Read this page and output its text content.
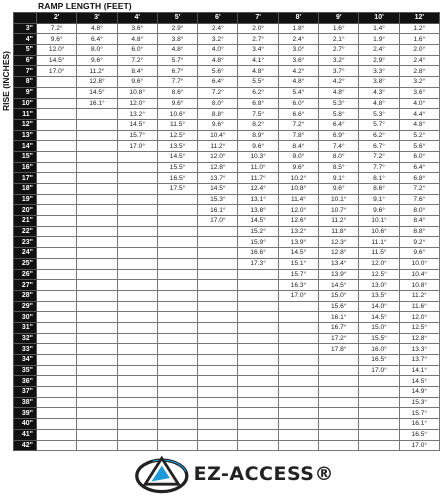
RAMP LENGTH (FEET)
RISE (INCHES)
	2'	3'	4'	5'	6'	7'	8'	9'	10'	12'
3"	7.2°	4.8°	3.6°	2.9°	2.4°	2.0°	1.8°	1.6°	1.4°	1.2°
4"	9.6°	6.4°	4.8°	3.8°	3.2°	2.7°	2.4°	2.1°	1.9°	1.6°
5"	12.0°	8.0°	6.0°	4.8°	4.0°	3.4°	3.0°	2.7°	2.4°	2.0°
6"	14.5°	9.6°	7.2°	5.7°	4.8°	4.1°	3.6°	3.2°	2.9°	2.4°
7"	17.0°	11.2°	8.4°	6.7°	5.6°	4.8°	4.2°	3.7°	3.3°	2.8°
8"		12.8°	9.6°	7.7°	6.4°	5.5°	4.8°	4.2°	3.8°	3.2°
9"		14.5°	10.8°	8.6°	7.2°	6.2°	5.4°	4.8°	4.3°	3.6°
10"		16.1°	12.0°	9.6°	8.0°	6.8°	6.0°	5.3°	4.8°	4.0°
11"			13.2°	10.6°	8.8°	7.5°	6.6°	5.8°	5.3°	4.4°
12"			14.5°	11.5°	9.6°	8.2°	7.2°	6.4°	5.7°	4.8°
13"			15.7°	12.5°	10.4°	8.9°	7.8°	6.9°	6.2°	5.2°
14"			17.0°	13.5°	11.2°	9.6°	8.4°	7.4°	6.7°	5.6°
15"				14.5°	12.0°	10.3°	9.0°	8.0°	7.2°	6.0°
16"				15.5°	12.8°	11.0°	9.6°	8.5°	7.7°	6.4°
17"				16.5°	13.7°	11.7°	10.2°	9.1°	8.1°	6.8°
18"				17.5°	14.5°	12.4°	10.8°	9.6°	8.6°	7.2°
19"					15.3°	13.1°	11.4°	10.1°	9.1°	7.6°
20"					16.1°	13.8°	12.0°	10.7°	9.6°	8.0°
21"					17.0°	14.5°	12.6°	11.2°	10.1°	8.4°
22"						15.2°	13.2°	11.8°	10.6°	8.8°
23"						15.9°	13.9°	12.3°	11.1°	9.2°
24"						16.6°	14.5°	12.8°	11.5°	9.6°
25"						17.3°	15.1°	13.4°	12.0°	10.0°
26"							15.7°	13.9°	12.5°	10.4°
27"							16.3°	14.5°	13.0°	10.8°
28"							17.0°	15.0°	13.5°	11.2°
29"								15.6°	14.0°	11.6°
30"								16.1°	14.5°	12.0°
31"								16.7°	15.0°	12.5°
32"								17.2°	15.5°	12.8°
33"								17.8°	16.0°	13.3°
34"									16.5°	13.7°
35"									17.0°	14.1°
36"										14.5°
37"										14.9°
38"										15.3°
39"										15.7°
40"										16.1°
41"										16.5°
42"										17.0°
EZ-ACCESS®
